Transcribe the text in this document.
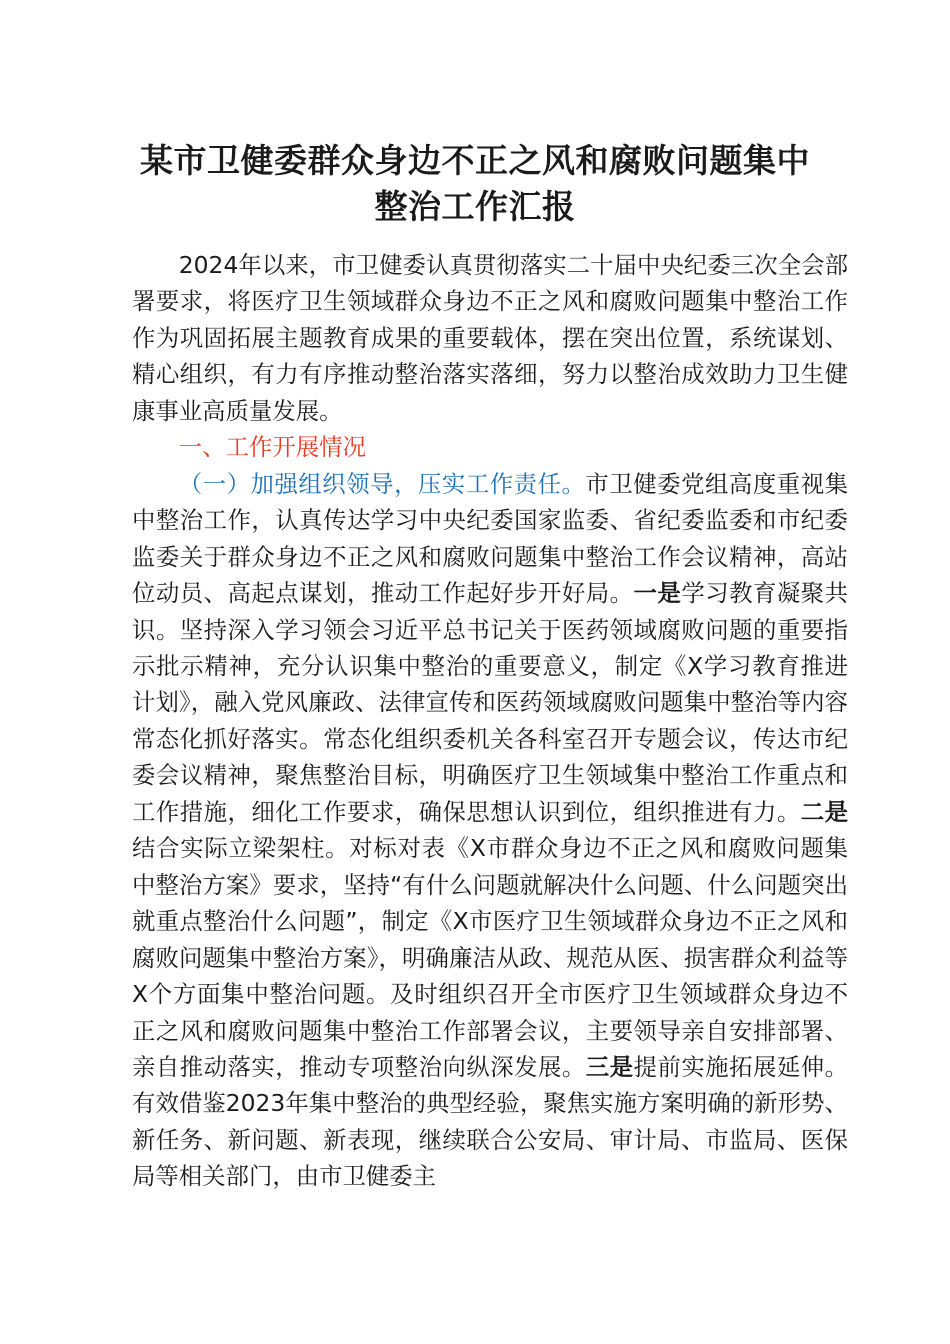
某市卫健委群众身边不正之风和腐败问题集中
整治工作汇报

2024年以来，市卫健委认真贯彻落实二十届中央纪委三次全会部署要求，将医疗卫生领域群众身边不正之风和腐败问题集中整治工作作为巩固拓展主题教育成果的重要载体，摆在突出位置，系统谋划、精心组织，有力有序推动整治落实落细，努力以整治成效助力卫生健康事业高质量发展。

一、工作开展情况

（一）加强组织领导，压实工作责任。市卫健委党组高度重视集中整治工作，认真传达学习中央纪委国家监委、省纪委监委和市纪委监委关于群众身边不正之风和腐败问题集中整治工作会议精神，高站位动员、高起点谋划，推动工作起好步开好局。一是学习教育凝聚共识。坚持深入学习领会习近平总书记关于医药领域腐败问题的重要指示批示精神，充分认识集中整治的重要意义，制定《X学习教育推进计划》，融入党风廉政、法律宣传和医药领域腐败问题集中整治等内容常态化抓好落实。常态化组织委机关各科室召开专题会议，传达市纪委会议精神，聚焦整治目标，明确医疗卫生领域集中整治工作重点和工作措施，细化工作要求，确保思想认识到位，组织推进有力。二是结合实际立梁架柱。对标对表《X市群众身边不正之风和腐败问题集中整治方案》要求，坚持“有什么问题就解决什么问题、什么问题突出就重点整治什么问题”，制定《X市医疗卫生领域群众身边不正之风和腐败问题集中整治方案》，明确廉洁从政、规范从医、损害群众利益等X个方面集中整治问题。及时组织召开全市医疗卫生领域群众身边不正之风和腐败问题集中整治工作部署会议，主要领导亲自安排部署、亲自推动落实，推动专项整治向纵深发展。三是提前实施拓展延伸。有效借鉴2023年集中整治的典型经验，聚焦实施方案明确的新形势、新任务、新问题、新表现，继续联合公安局、审计局、市监局、医保局等相关部门，由市卫健委主
